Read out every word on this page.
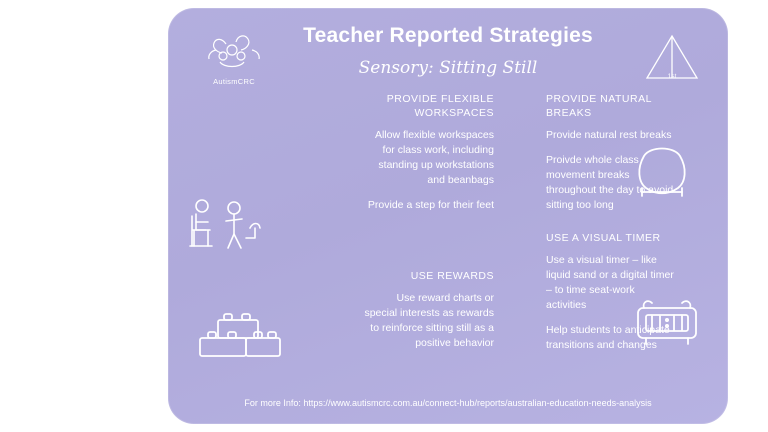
Teacher Reported Strategies
Sensory: Sitting Still
AutismCRC
1st
PROVIDE FLEXIBLE WORKSPACES
Allow flexible workspaces for class work, including standing up workstations and beanbags
Provide a step for their feet
USE REWARDS
Use reward charts or special interests as rewards to reinforce sitting still as a positive behavior
PROVIDE NATURAL BREAKS
Provide natural rest breaks
Proivde whole class movement breaks throughout the day to avoid sitting too long
USE A VISUAL TIMER
Use a visual timer – like liquid sand or a digital timer – to time seat-work activities
Help students to anticipate transitions and changes
For more Info: https://www.autismcrc.com.au/connect-hub/reports/australian-education-needs-analysis
